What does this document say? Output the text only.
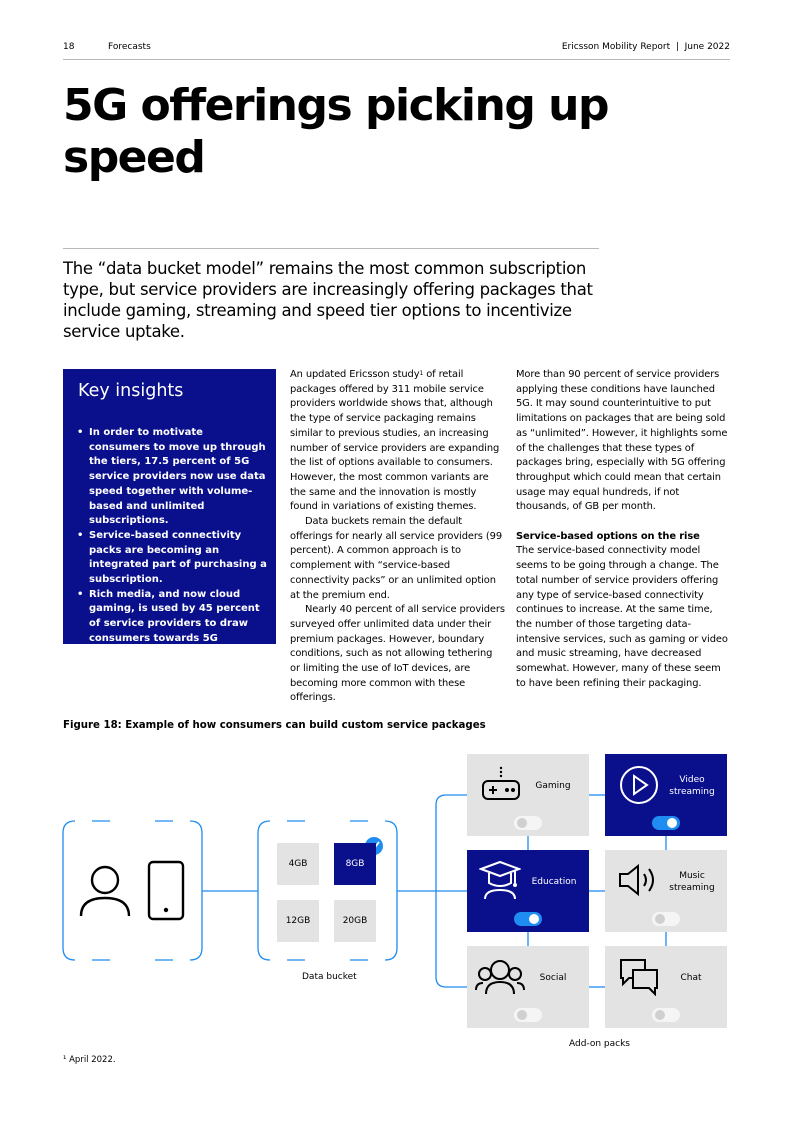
18	Forecasts	Ericsson Mobility Report  |  June 2022
5G offerings picking up speed

The “data bucket model” remains the most common subscription type, but service providers are increasingly offering packages that include gaming, streaming and speed tier options to incentivize service uptake.

Key insights
• In order to motivate consumers to move up through the tiers, 17.5 percent of 5G service providers now use data speed together with volume-based and unlimited subscriptions.
• Service-based connectivity packs are becoming an integrated part of purchasing a subscription.
• Rich media, and now cloud gaming, is used by 45 percent of service providers to draw consumers towards 5G subscriptions and devices.

An updated Ericsson study$^1$ of retail packages offered by 311 mobile service providers worldwide shows that, although the type of service packaging remains similar to previous studies, an increasing number of service providers are expanding the list of options available to consumers. However, the most common variants are the same and the innovation is mostly found in variations of existing themes.

Data buckets remain the default offerings for nearly all service providers (99 percent). A common approach is to complement with “service-based connectivity packs” or an unlimited option at the premium end.

Nearly 40 percent of all service providers surveyed offer unlimited data under their premium packages. However, boundary conditions, such as not allowing tethering or limiting the use of IoT devices, are becoming more common with these offerings.

More than 90 percent of service providers applying these conditions have launched 5G. It may sound counterintuitive to put limitations on packages that are being sold as “unlimited”. However, it highlights some of the challenges that these types of packages bring, especially with 5G offering throughput which could mean that certain usage may equal hundreds, if not thousands, of GB per month.

Service-based options on the rise

The service-based connectivity model seems to be going through a change. The total number of service providers offering any type of service-based connectivity continues to increase. At the same time, the number of those targeting data-intensive services, such as gaming or video and music streaming, have decreased somewhat. However, many of these seem to have been refining their packaging.

Figure 18: Example of how consumers can build custom service packages
4GB	8GB
12GB	20GB
Data bucket
Gaming
Video streaming
Education
Music streaming
Social	Chat
Add-on packs
¹ April 2022.
